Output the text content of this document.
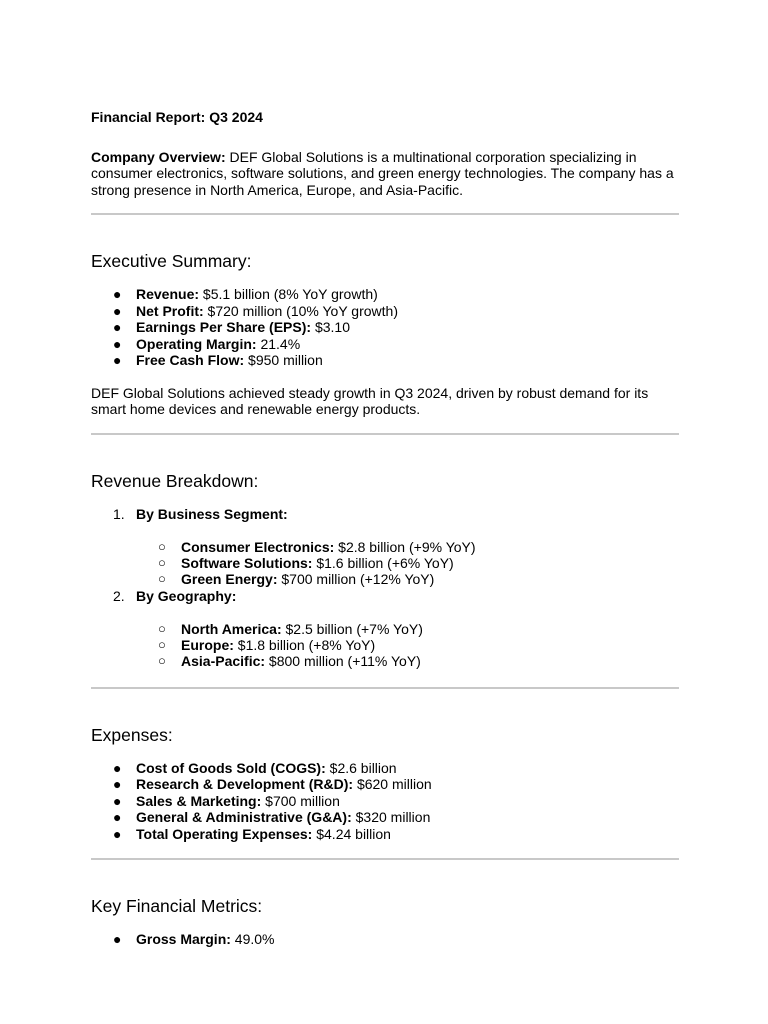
Financial Report: Q3 2024

Company Overview: DEF Global Solutions is a multinational corporation specializing in consumer electronics, software solutions, and green energy technologies. The company has a strong presence in North America, Europe, and Asia-Pacific.

Executive Summary:
● Revenue: $5.1 billion (8% YoY growth)
● Net Profit: $720 million (10% YoY growth)
● Earnings Per Share (EPS): $3.10
● Operating Margin: 21.4%
● Free Cash Flow: $950 million

DEF Global Solutions achieved steady growth in Q3 2024, driven by robust demand for its smart home devices and renewable energy products.

Revenue Breakdown:
1. By Business Segment:
○ Consumer Electronics: $2.8 billion (+9% YoY)
○ Software Solutions: $1.6 billion (+6% YoY)
○ Green Energy: $700 million (+12% YoY)
2. By Geography:
○ North America: $2.5 billion (+7% YoY)
○ Europe: $1.8 billion (+8% YoY)
○ Asia-Pacific: $800 million (+11% YoY)
Expenses:
● Cost of Goods Sold (COGS): $2.6 billion
● Research & Development (R&D): $620 million
● Sales & Marketing: $700 million
● General & Administrative (G&A): $320 million
● Total Operating Expenses: $4.24 billion
Key Financial Metrics:
● Gross Margin: 49.0%
